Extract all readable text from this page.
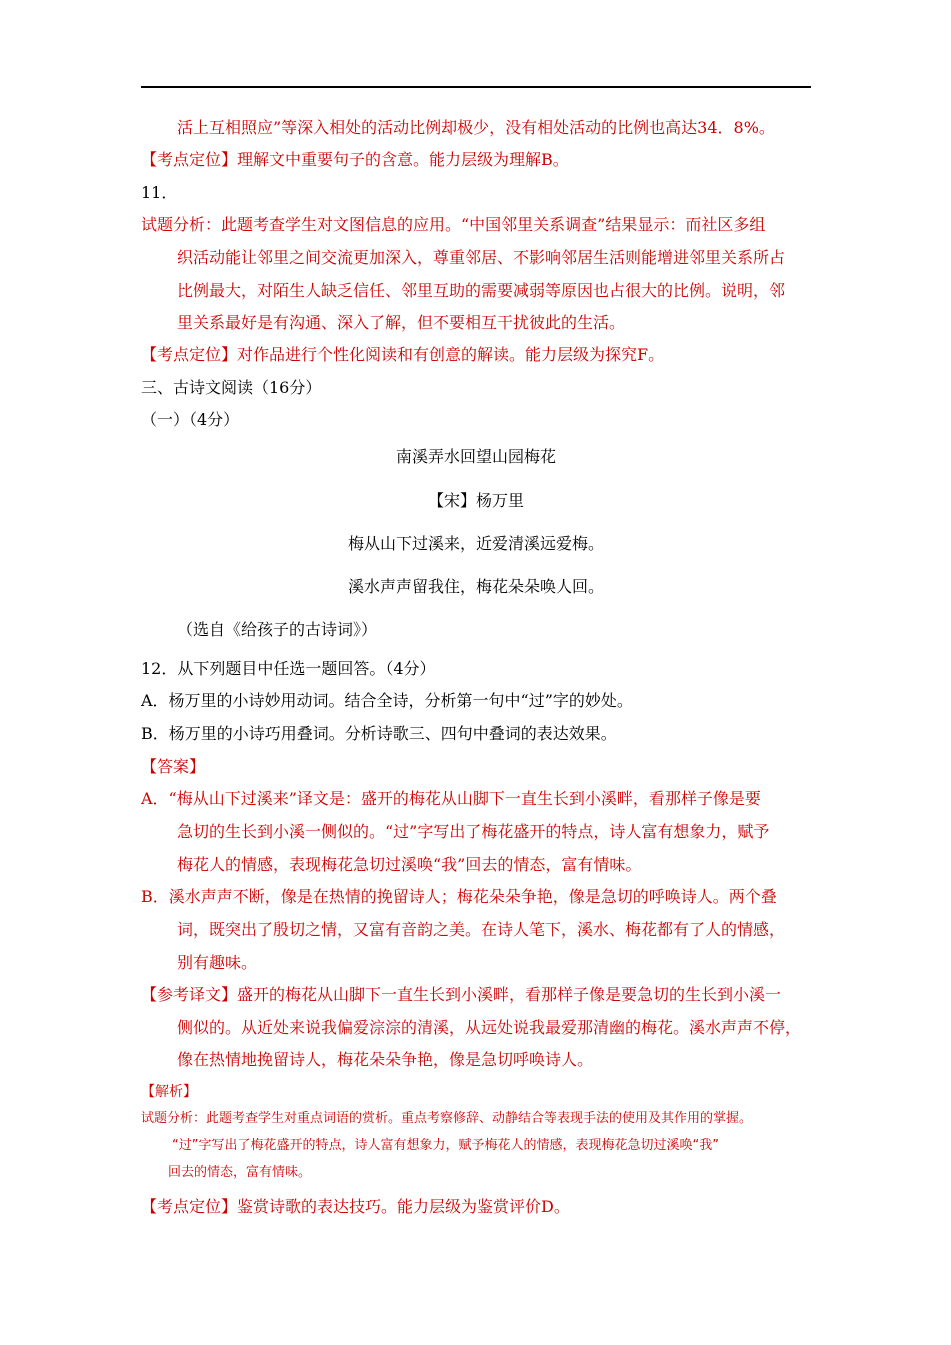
活上互相照应”等深入相处的活动比例却极少，没有相处活动的比例也高达34．8%。
【考点定位】理解文中重要句子的含意。能力层级为理解B。
11．
试题分析：此题考查学生对文图信息的应用。“中国邻里关系调查”结果显示：而社区多组
织活动能让邻里之间交流更加深入，尊重邻居、不影响邻居生活则能增进邻里关系所占
比例最大，对陌生人缺乏信任、邻里互助的需要减弱等原因也占很大的比例。说明，邻
里关系最好是有沟通、深入了解，但不要相互干扰彼此的生活。
【考点定位】对作品进行个性化阅读和有创意的解读。能力层级为探究F。
三、古诗文阅读（16分）
（一）（4分）
南溪弄水回望山园梅花
【宋】杨万里
梅从山下过溪来，近爱清溪远爱梅。
溪水声声留我住，梅花朵朵唤人回。
（选自《给孩子的古诗词》）
12．从下列题目中任选一题回答。（4分）
A．杨万里的小诗妙用动词。结合全诗，分析第一句中“过”字的妙处。
B．杨万里的小诗巧用叠词。分析诗歌三、四句中叠词的表达效果。
【答案】
A．“梅从山下过溪来”译文是：盛开的梅花从山脚下一直生长到小溪畔，看那样子像是要
急切的生长到小溪一侧似的。“过”字写出了梅花盛开的特点，诗人富有想象力，赋予
梅花人的情感，表现梅花急切过溪唤“我”回去的情态，富有情味。
B．溪水声声不断，像是在热情的挽留诗人；梅花朵朵争艳，像是急切的呼唤诗人。两个叠
词，既突出了殷切之情，又富有音韵之美。在诗人笔下，溪水、梅花都有了人的情感，
别有趣味。
【参考译文】盛开的梅花从山脚下一直生长到小溪畔，看那样子像是要急切的生长到小溪一
侧似的。从近处来说我偏爱淙淙的清溪，从远处说我最爱那清幽的梅花。溪水声声不停，
像在热情地挽留诗人，梅花朵朵争艳，像是急切呼唤诗人。
【解析】
试题分析：此题考查学生对重点词语的赏析。重点考察修辞、动静结合等表现手法的使用及其作用的掌握。
“过”字写出了梅花盛开的特点，诗人富有想象力，赋予梅花人的情感，表现梅花急切过溪唤“我”
回去的情态，富有情味。
【考点定位】鉴赏诗歌的表达技巧。能力层级为鉴赏评价D。
